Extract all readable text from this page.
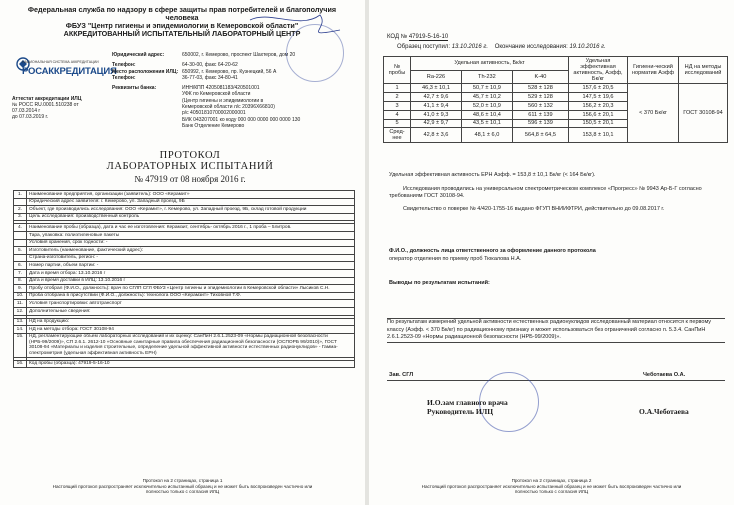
Федеральная служба по надзору в сфере защиты прав потребителей и благополучия человека
ФБУЗ "Центр гигиены и эпидемиологии в Кемеровской области"
АККРЕДИТОВАННЫЙ ИСПЫТАТЕЛЬНЫЙ ЛАБОРАТОРНЫЙ ЦЕНТР
НАЦИОНАЛЬНАЯ СИСТЕМА АККРЕДИТАЦИИ
РОСАККРЕДИТАЦИЯ
Аттестат аккредитации ИЛЦ
№ РОСС RU.0001.510238 от 07.03.2014 г
до 07.03.2019 г.
Юридический адрес:	650002, г. Кемерово, проспект Шахтеров, дом 20
Телефон:	64-30-00, факс 64-20-62
Место расположения ИЛЦ: 650992, г. Кемерово, пр. Кузнецкий, 56 А
Телефон:	36-77-03, факс 34-80-41
Реквизиты банка:	ИНН/КПП 4205081183/420501001
УФК по Кемеровской области
(Центр гигиены и эпидемиологии в
Кемеровской области л/с 20396Х66810)
р/с 40501810700002000001
БИК 043207001 ко коду 000 000 0000 000 0000 130
Банк Отделение Кемерово
ПРОТОКОЛ
ЛАБОРАТОРНЫХ ИСПЫТАНИЙ
№ 47919 от 08 ноября 2016 г.
1.	Наименование предприятия, организации (заявитель): ООО «Керамит»
	Юридический адрес заявителя: г. Кемерово, ул. Западный проезд, 9Б
2.	Объект, где производились исследования: ООО «Керамит», г. Кемерово, ул. Западный проезд, 9Б, склад готовой продукции
3.	Цель исследования: производственный контроль

4.	Наименование пробы (образца), дата и час ее изготовления: Керамзит, сентябрь- октябрь 2016 г., 1 проба – 5литров.
	Тара, упаковка: полиэтиленовые пакеты
	Условия хранения, срок годности: -
5.	Изготовитель (наименование, фактический адрес):
	Страна-изготовитель, регион: -
6.	Номер партии, объем партии: -
7.	Дата и время отбора: 13.10.2016 г
8.	Дата и время доставки в ИЛЦ: 13.10.2016 г
9.	Пробу отобрал (Ф.И.О., должность): врач по СГЛП СГЛ ФБУЗ «Центр гигиены и эпидемиологии в Кемеровской области» Лысиков С.Н.
10.	Проба отобрана в присутствии (Ф.И.О., должность): технолога ООО «Керамзит» Тиховной Т.Ф.
11.	Условия транспортировки: автотранспорт
12.	Дополнительные сведения:

13.	НД на продукцию:
14.	НД на методы отбора: ГОСТ 30108-94
15.	НД, регламентирующие объем лабораторных исследований и их оценку: СанПиН 2.6.1.2523-09 «Нормы радиационной безопасности (НРБ-99/2009)», СП 2.6.1. 2612-10 «Основные санитарные правила обеспечения радиационной безопасности (ОСПОРБ 99/2010)», ГОСТ 30108-94 «Материалы и изделия строительные, определение удельной эффективной активности естественных радионуклидов» - Гамма-спектрометрия (удельная эффективная активность ЕРН)

16.	Код пробы (образца): 47919-5-16-10
Протокол на 2 страницах, страница 1
Настоящий протокол распространяет исключительно испытанный образец и не может быть воспроизведен частично или
полностью только с согласия ИЛЦ
КОД № 47919-5-16-10
Образец поступил: 13.10.2016 г. Окончание исследования: 19.10.2016 г.
№ пробы	Удельная активность, Бк/кг			Удельная эффективная активность, Aэфф, Бк/кг	Гигиени-ческий норматив Aэфф	НД на методы исследований
	Ra-226	Th-232	K-40			
1	46,3 ± 10,1	50,7 ± 10,9	528 ± 128	157,6 ± 20,5	< 370 Бк/кг	ГОСТ 30108-94
2	42,7 ± 9,6	45,7 ± 10,2	529 ± 128	147,5 ± 19,6		
3	41,1 ± 9,4	52,0 ± 10,9	560 ± 132	156,2 ± 20,3		
4	41,0 ± 9,3	48,6 ± 10,4	611 ± 139	156,6 ± 20,1		
5	42,9 ± 9,7	43,5 ± 10,1	596 ± 139	150,5 ± 20,1		
Сред-нее	42,8 ± 3,6	48,1 ± 6,0	564,8 ± 64,5	153,8 ± 10,1		
Удельная эффективная активность ЕРН Aэфф. = 153,8 ± 10,1 Бк/кг (< 164 Бк/кг).
Исследования проводились на универсальном спектрометрическом комплексе «Прогресс» № 9943 Ар-Б-Г согласно требованиям ГОСТ 30108-94.
Свидетельство о поверке № 4/420-1755-16 выдано ФГУП ВНИИФТРИ, действительно до 09.08.2017 г.
Ф.И.О., должность лица ответственного за оформление данного протокола
оператор отделения по приему проб Тюкалова Н.А.
Выводы по результатам испытаний:
По результатам измерений удельной активности естественных радионуклидов исследованный материал относится к первому классу (Aэфф. < 370 Бк/кг) по радиационному признаку и может использоваться без ограничений согласно п. 5.3.4. СанПиН 2.6.1.2523-09 «Нормы радиационной безопасности (НРБ-99/2009)».
Зав. СГЛ	Чеботаева О.А.
И.О.зам главного врача
Руководитель ИЛЦ	О.А.Чеботаева
Протокол на 2 страницах, страница 2
Настоящий протокол распространяет исключительно испытанный образец и не может быть воспроизведен частично или
полностью только с согласия ИЛЦ
